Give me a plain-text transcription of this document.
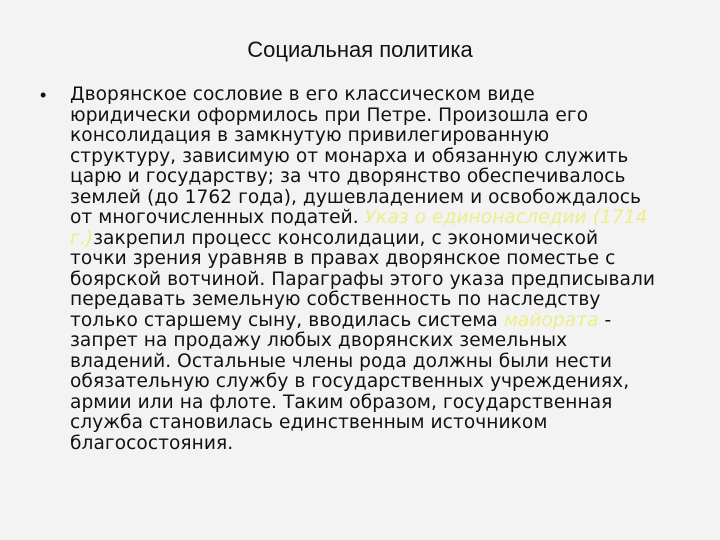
Социальная политика
•	Дворянское сословие в его классическом виде юридически оформилось при Петре. Произошла его консолидация в замкнутую привилегированную структуру, зависимую от монарха и обязанную служить царю и государству; за что дворянство обеспечивалось землей (до 1762 года), душевладением и освобождалось от многочисленных податей. Указ о единонаследии (1714 г.)закрепил процесс консолидации, с экономической точки зрения уравняв в правах дворянское поместье с боярской вотчиной. Параграфы этого указа предписывали передавать земельную собственность по наследству только старшему сыну, вводилась система майората - запрет на продажу любых дворянских земельных владений. Остальные члены рода должны были нести обязательную службу в государственных учреждениях, армии или на флоте. Таким образом, государственная служба становилась единственным источником благосостояния.
